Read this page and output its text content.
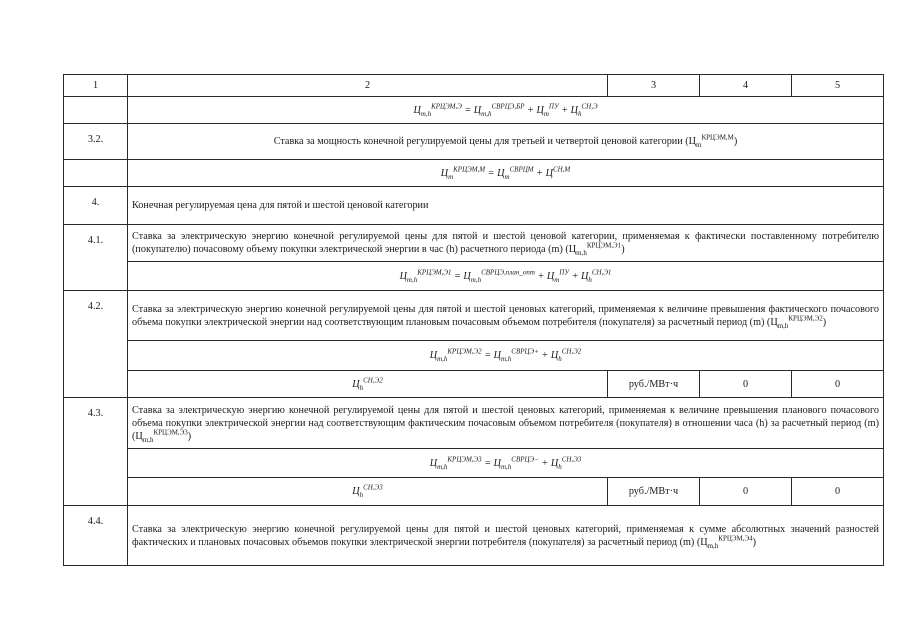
1	2	3	4	5
	$Ц_{m,h}^{КРЦЭМ,Э} = Ц_{m,h}^{СВРЦЭ,БР} + Ц_m^{ПУ} + Ц_h^{СН,Э}$
3.2.	Ставка за мощность конечной регулируемой цены для третьей и четвертой ценовой категории $(Ц_m^{КРЦЭМ,М})$			
	$Ц_m^{КРЦЭМ,М} = Ц_m^{СВРЦМ} + Ц^{СН,М}$
4.	Конечная регулируемая цена для пятой и шестой ценовой категории			
4.1.	Ставка за электрическую энергию конечной регулируемой цены для пятой и шестой ценовой категории, применяемая к фактически поставленному потребителю (покупателю) почасовому объему покупки электрической энергии в час (h) расчетного периода (m) $(Ц_{m,h}^{КРЦЭМ,Э1})$			
	$Ц_{m,h}^{КРЦЭМ,Э1} = Ц_{m,h}^{СВРЦЭ,план\_опт} + Ц_m^{ПУ} + Ц_h^{СН,Э1}$
4.2.	Ставка за электрическую энергию конечной регулируемой цены для пятой и шестой ценовых категорий, применяемая к величине превышения фактического почасового объема покупки электрической энергии над соответствующим плановым почасовым объемом потребителя (покупателя) за расчетный период (m) $(Ц_{m,h}^{КРЦЭМ,Э2})$			
	$Ц_{m,h}^{КРЦЭМ,Э2} = Ц_{m,h}^{СВРЦЭ+} + Ц_h^{СН,Э2}$
	$Ц_h^{СН,Э2}$	руб./МВт·ч	0	0
4.3.	Ставка за электрическую энергию конечной регулируемой цены для пятой и шестой ценовых категорий, применяемая к величине превышения планового почасового объема покупки электрической энергии над соответствующим фактическим почасовым объемом потребителя (покупателя) в отношении часа (h) за расчетный период (m) $(Ц_{m,h}^{КРЦЭМ,Э3})$			
	$Ц_{m,h}^{КРЦЭМ,Э3} = Ц_{m,h}^{СВРЦЭ-} + Ц_h^{СН,Э3}$
	$Ц_h^{СН,Э3}$	руб./МВт·ч	0	0
4.4.	Ставка за электрическую энергию конечной регулируемой цены для пятой и шестой ценовых категорий, применяемая к сумме абсолютных значений разностей фактических и плановых почасовых объемов покупки электрической энергии потребителя (покупателя) за расчетный период (m) $(Ц_{m,h}^{КРЦЭМ,Э4})$			
